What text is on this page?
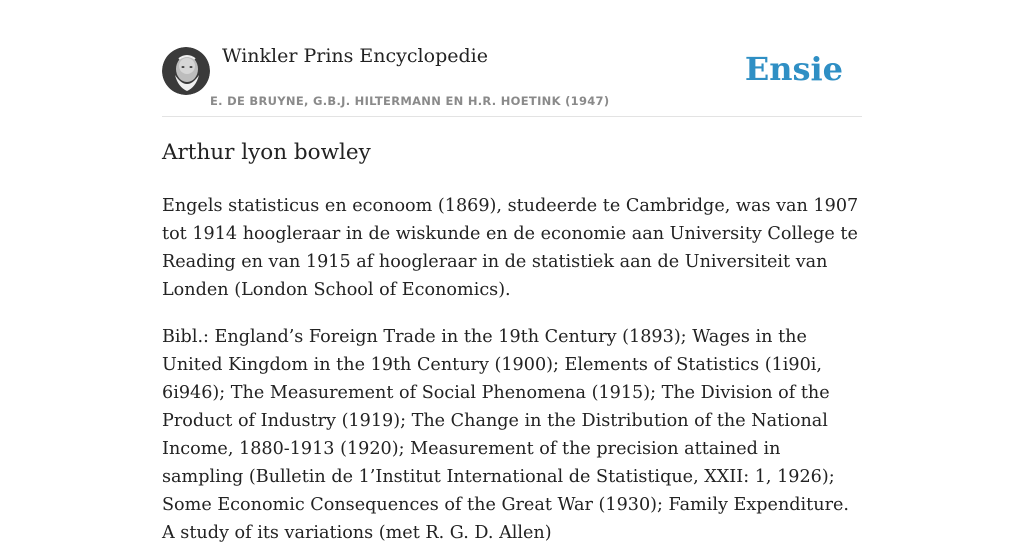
Winkler Prins Encyclopedie
E. DE BRUYNE, G.B.J. HILTERMANN EN H.R. HOETINK (1947)
Ensie
Arthur lyon bowley

Engels statisticus en econoom (1869), studeerde te Cambridge, was van 1907 tot 1914 hoogleraar in de wiskunde en de economie aan University College te Reading en van 1915 af hoogleraar in de statistiek aan de Universiteit van Londen (London School of Economics).

Bibl.: England’s Foreign Trade in the 19th Century (1893); Wages in the United Kingdom in the 19th Century (1900); Elements of Statistics (1i90i, 6i946); The Measurement of Social Phenomena (1915); The Division of the Product of Industry (1919); The Change in the Distribution of the National Income, 1880-1913 (1920); Measurement of the precision attained in sampling (Bulletin de 1’Institut International de Statistique, XXII: 1, 1926); Some Economic Consequences of the Great War (1930); Family Expenditure. A study of its variations (met R. G. D. Allen)
